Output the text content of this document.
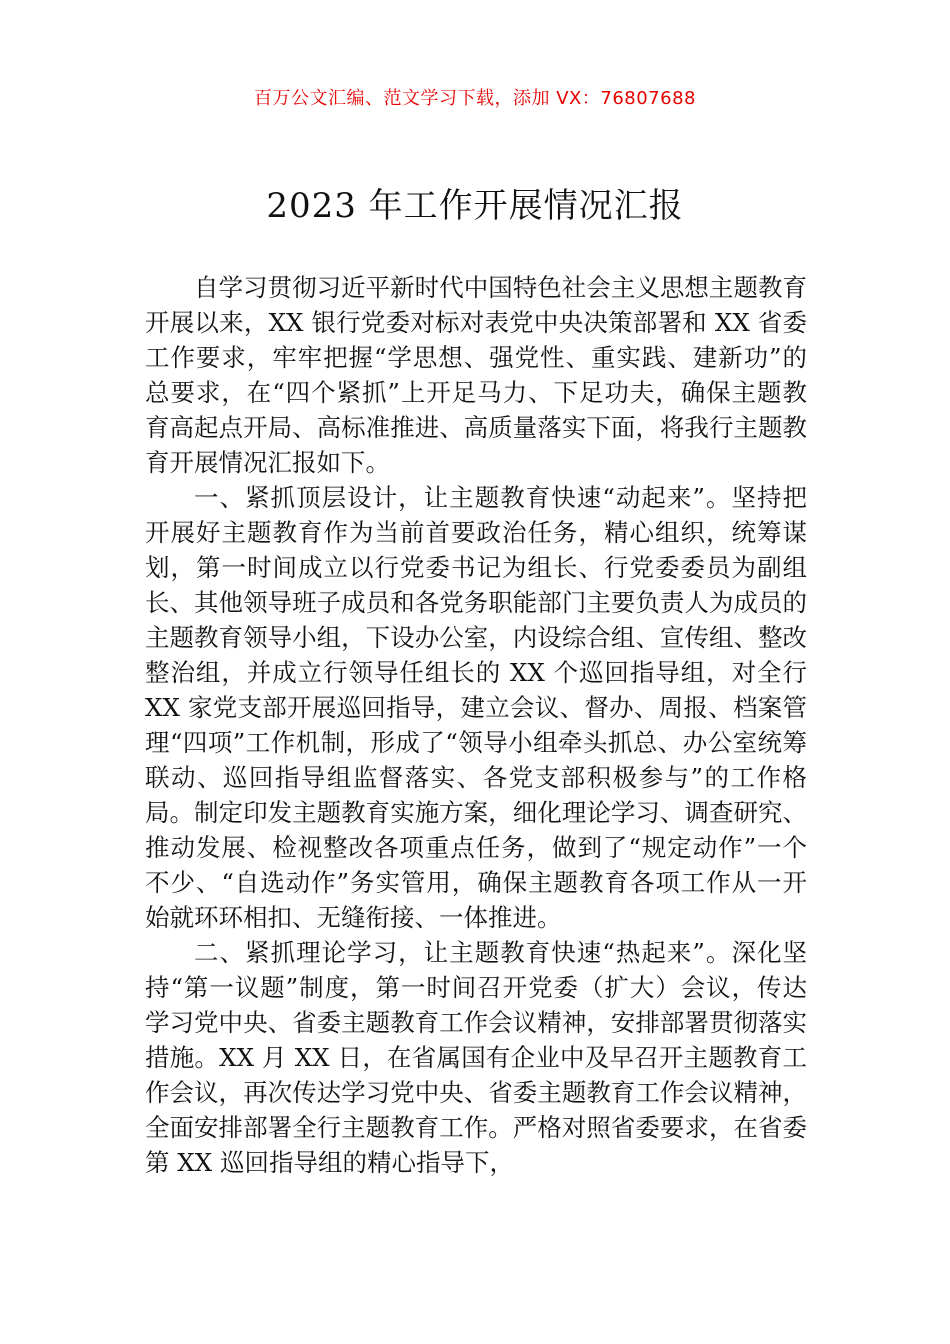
百万公文汇编、范文学习下载，添加 VX：76807688
2023 年工作开展情况汇报

自学习贯彻习近平新时代中国特色社会主义思想主题教育开展以来，XX 银行党委对标对表党中央决策部署和 XX 省委工作要求，牢牢把握“学思想、强党性、重实践、建新功”的总要求，在“四个紧抓”上开足马力、下足功夫，确保主题教育高起点开局、高标准推进、高质量落实下面，将我行主题教育开展情况汇报如下。

一、紧抓顶层设计，让主题教育快速“动起来”。坚持把开展好主题教育作为当前首要政治任务，精心组织，统筹谋划，第一时间成立以行党委书记为组长、行党委委员为副组长、其他领导班子成员和各党务职能部门主要负责人为成员的主题教育领导小组，下设办公室，内设综合组、宣传组、整改整治组，并成立行领导任组长的 XX 个巡回指导组，对全行 XX 家党支部开展巡回指导，建立会议、督办、周报、档案管理“四项”工作机制，形成了“领导小组牵头抓总、办公室统筹联动、巡回指导组监督落实、各党支部积极参与”的工作格局。制定印发主题教育实施方案，细化理论学习、调查研究、推动发展、检视整改各项重点任务，做到了“规定动作”一个不少、“自选动作”务实管用，确保主题教育各项工作从一开始就环环相扣、无缝衔接、一体推进。

二、紧抓理论学习，让主题教育快速“热起来”。深化坚持“第一议题”制度，第一时间召开党委（扩大）会议，传达学习党中央、省委主题教育工作会议精神，安排部署贯彻落实措施。XX 月 XX 日，在省属国有企业中及早召开主题教育工作会议，再次传达学习党中央、省委主题教育工作会议精神，全面安排部署全行主题教育工作。严格对照省委要求，在省委第 XX 巡回指导组的精心指导下，
